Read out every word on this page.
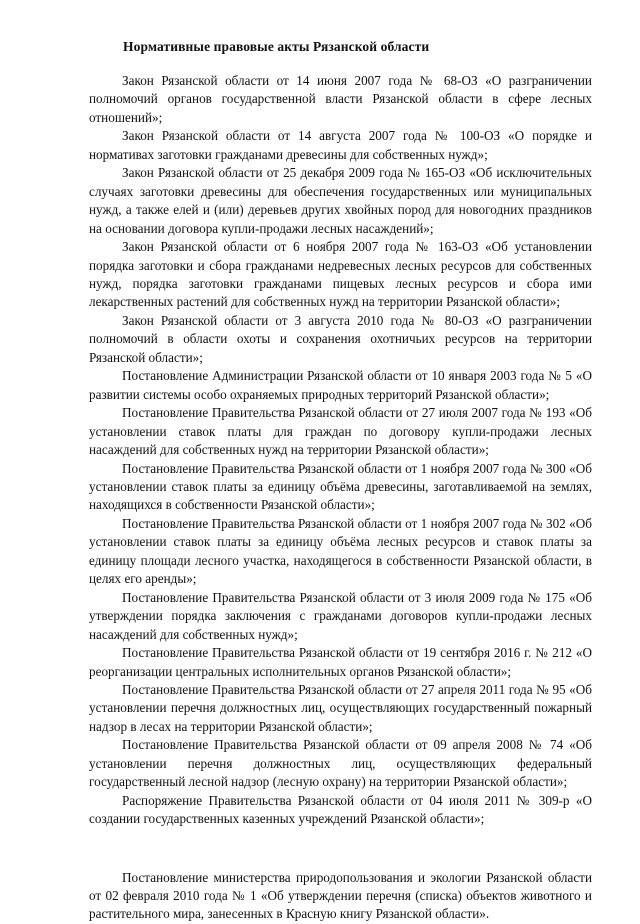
Нормативные правовые акты Рязанской области

Закон Рязанской области от 14 июня 2007 года № 68-ОЗ «О разграничении полномочий органов государственной власти Рязанской области в сфере лесных отношений»;

Закон Рязанской области от 14 августа 2007 года № 100-ОЗ «О порядке и нормативах заготовки гражданами древесины для собственных нужд»;

Закон Рязанской области от 25 декабря 2009 года № 165-ОЗ «Об исключительных случаях заготовки древесины для обеспечения государственных или муниципальных нужд, а также елей и (или) деревьев других хвойных пород для новогодних праздников на основании договора купли-продажи лесных насаждений»;

Закон Рязанской области от 6 ноября 2007 года № 163-ОЗ «Об установлении порядка заготовки и сбора гражданами недревесных лесных ресурсов для собственных нужд, порядка заготовки гражданами пищевых лесных ресурсов и сбора ими лекарственных растений для собственных нужд на территории Рязанской области»;

Закон Рязанской области от 3 августа 2010 года № 80-ОЗ «О разграничении полномочий в области охоты и сохранения охотничьих ресурсов на территории Рязанской области»;

Постановление Администрации Рязанской области от 10 января 2003 года № 5 «О развитии системы особо охраняемых природных территорий Рязанской области»;

Постановление Правительства Рязанской области от 27 июля 2007 года № 193 «Об установлении ставок платы для граждан по договору купли-продажи лесных насаждений для собственных нужд на территории Рязанской области»;

Постановление Правительства Рязанской области от 1 ноября 2007 года № 300 «Об установлении ставок платы за единицу объёма древесины, заготавливаемой на землях, находящихся в собственности Рязанской области»;

Постановление Правительства Рязанской области от 1 ноября 2007 года № 302 «Об установлении ставок платы за единицу объёма лесных ресурсов и ставок платы за единицу площади лесного участка, находящегося в собственности Рязанской области, в целях его аренды»;

Постановление Правительства Рязанской области от 3 июля 2009 года № 175 «Об утверждении порядка заключения с гражданами договоров купли-продажи лесных насаждений для собственных нужд»;

Постановление Правительства Рязанской области от 19 сентября 2016 г. № 212 «О реорганизации центральных исполнительных органов Рязанской области»;

Постановление Правительства Рязанской области от 27 апреля 2011 года № 95 «Об установлении перечня должностных лиц, осуществляющих государственный пожарный надзор в лесах на территории Рязанской области»;

Постановление Правительства Рязанской области от 09 апреля 2008 № 74 «Об установлении перечня должностных лиц, осуществляющих федеральный государственный лесной надзор (лесную охрану) на территории Рязанской области»;

Распоряжение Правительства Рязанской области от 04 июля 2011 № 309-р «О создании государственных казенных учреждений Рязанской области»;

Постановление министерства природопользования и экологии Рязанской области от 02 февраля 2010 года № 1 «Об утверждении перечня (списка) объектов животного и растительного мира, занесенных в Красную книгу Рязанской области».
